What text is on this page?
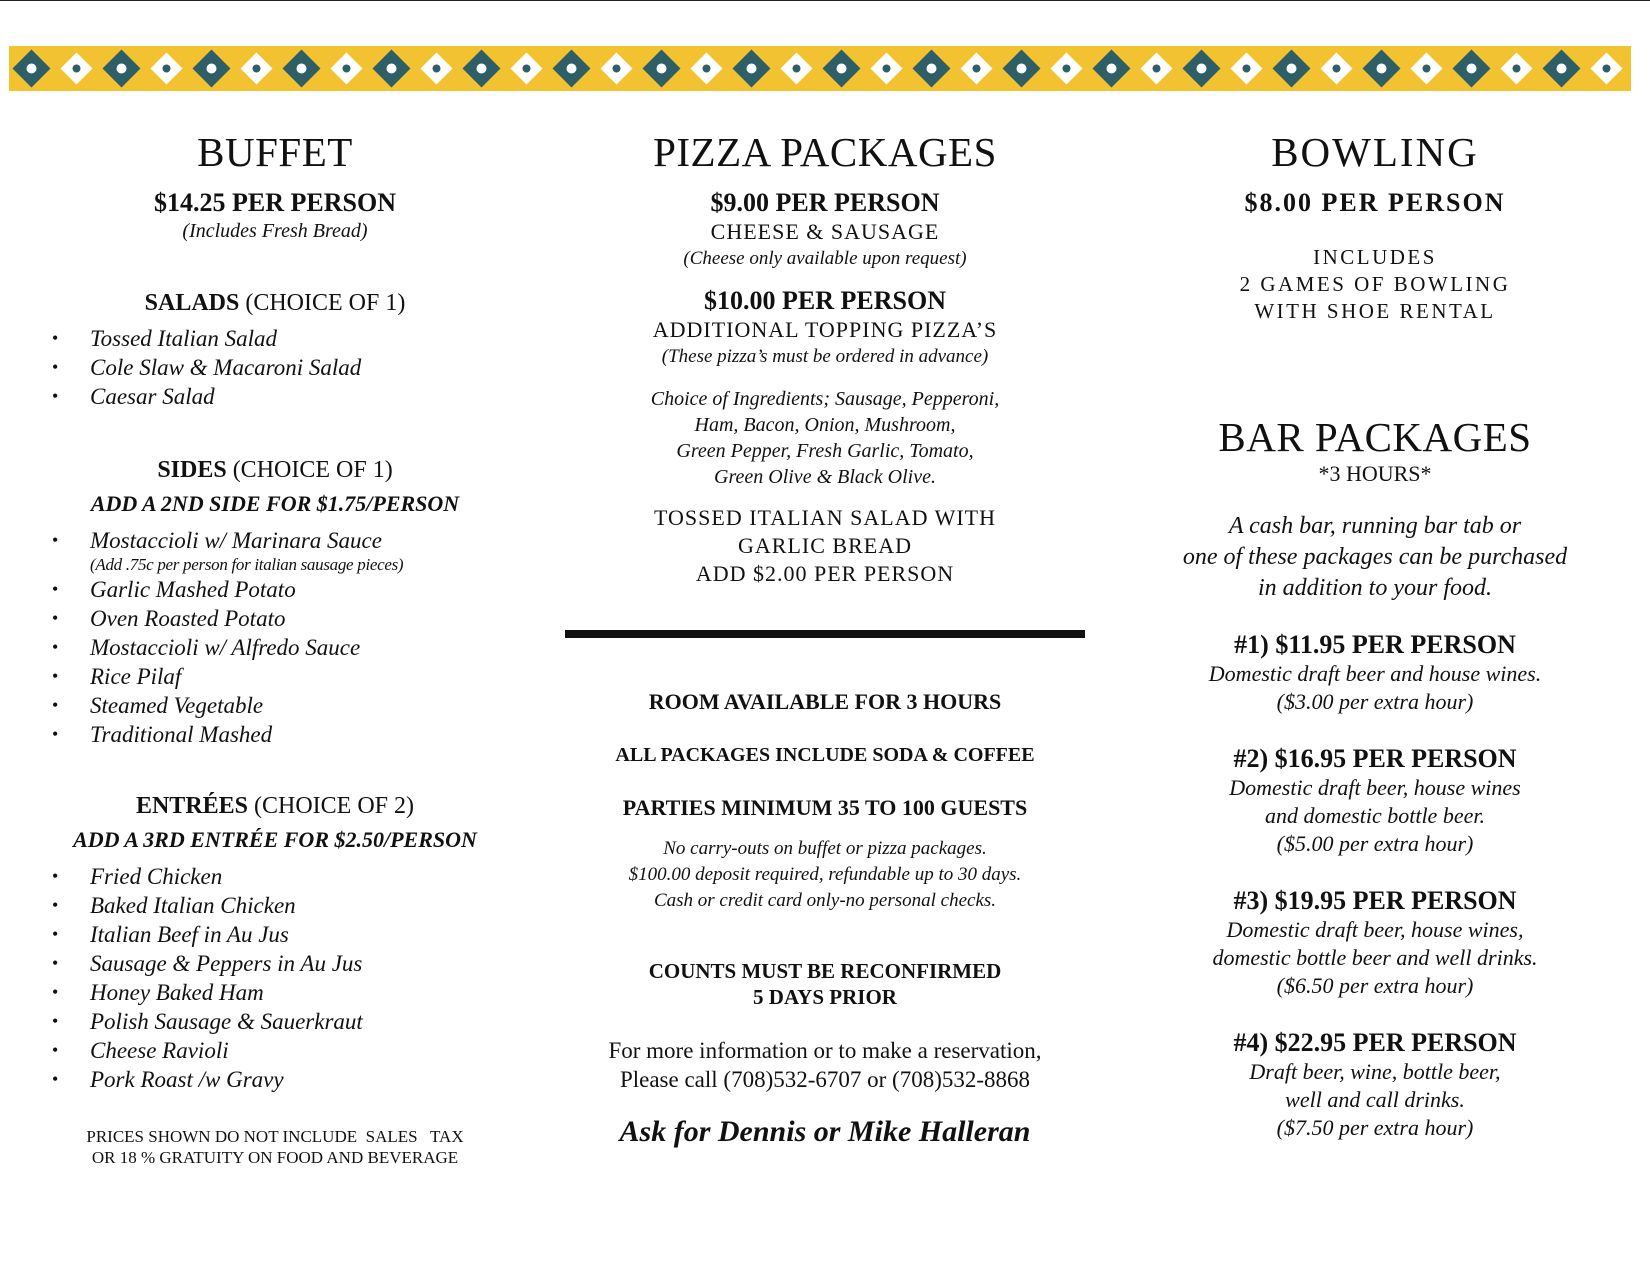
BUFFET
$14.25 PER PERSON
(Includes Fresh Bread)
SALADS (CHOICE OF 1)
• Tossed Italian Salad
• Cole Slaw & Macaroni Salad
• Caesar Salad
SIDES (CHOICE OF 1)
ADD A 2ND SIDE FOR $1.75/PERSON
• Mostaccioli w/ Marinara Sauce
(Add .75c per person for italian sausage pieces)
• Garlic Mashed Potato
• Oven Roasted Potato
• Mostaccioli w/ Alfredo Sauce
• Rice Pilaf
• Steamed Vegetable
• Traditional Mashed
ENTRÉES (CHOICE OF 2)
ADD A 3RD ENTRÉE FOR $2.50/PERSON
• Fried Chicken
• Baked Italian Chicken
• Italian Beef in Au Jus
• Sausage & Peppers in Au Jus
• Honey Baked Ham
• Polish Sausage & Sauerkraut
• Cheese Ravioli
• Pork Roast /w Gravy
PRICES SHOWN DO NOT INCLUDE  SALES   TAX
OR 18 % GRATUITY ON FOOD AND BEVERAGE
PIZZA PACKAGES
$9.00 PER PERSON
CHEESE & SAUSAGE
(Cheese only available upon request)
$10.00 PER PERSON
ADDITIONAL TOPPING PIZZA’S
(These pizza’s must be ordered in advance)
Choice of Ingredients; Sausage, Pepperoni,
Ham, Bacon, Onion, Mushroom,
Green Pepper, Fresh Garlic, Tomato,
Green Olive & Black Olive.
TOSSED ITALIAN SALAD WITH
GARLIC BREAD
ADD $2.00 PER PERSON
ROOM AVAILABLE FOR 3 HOURS
ALL PACKAGES INCLUDE SODA & COFFEE
PARTIES MINIMUM 35 TO 100 GUESTS
No carry-outs on buffet or pizza packages.
$100.00 deposit required, refundable up to 30 days.
Cash or credit card only-no personal checks.
COUNTS MUST BE RECONFIRMED
5 DAYS PRIOR
For more information or to make a reservation,
Please call (708)532-6707 or (708)532-8868
Ask for Dennis or Mike Halleran
BOWLING
$8.00 PER PERSON
INCLUDES
2 GAMES OF BOWLING
WITH SHOE RENTAL
BAR PACKAGES
*3 HOURS*
A cash bar, running bar tab or
one of these packages can be purchased
in addition to your food.
#1) $11.95 PER PERSON
Domestic draft beer and house wines.
($3.00 per extra hour)
#2) $16.95 PER PERSON
Domestic draft beer, house wines
and domestic bottle beer.
($5.00 per extra hour)
#3) $19.95 PER PERSON
Domestic draft beer, house wines,
domestic bottle beer and well drinks.
($6.50 per extra hour)
#4) $22.95 PER PERSON
Draft beer, wine, bottle beer,
well and call drinks.
($7.50 per extra hour)
